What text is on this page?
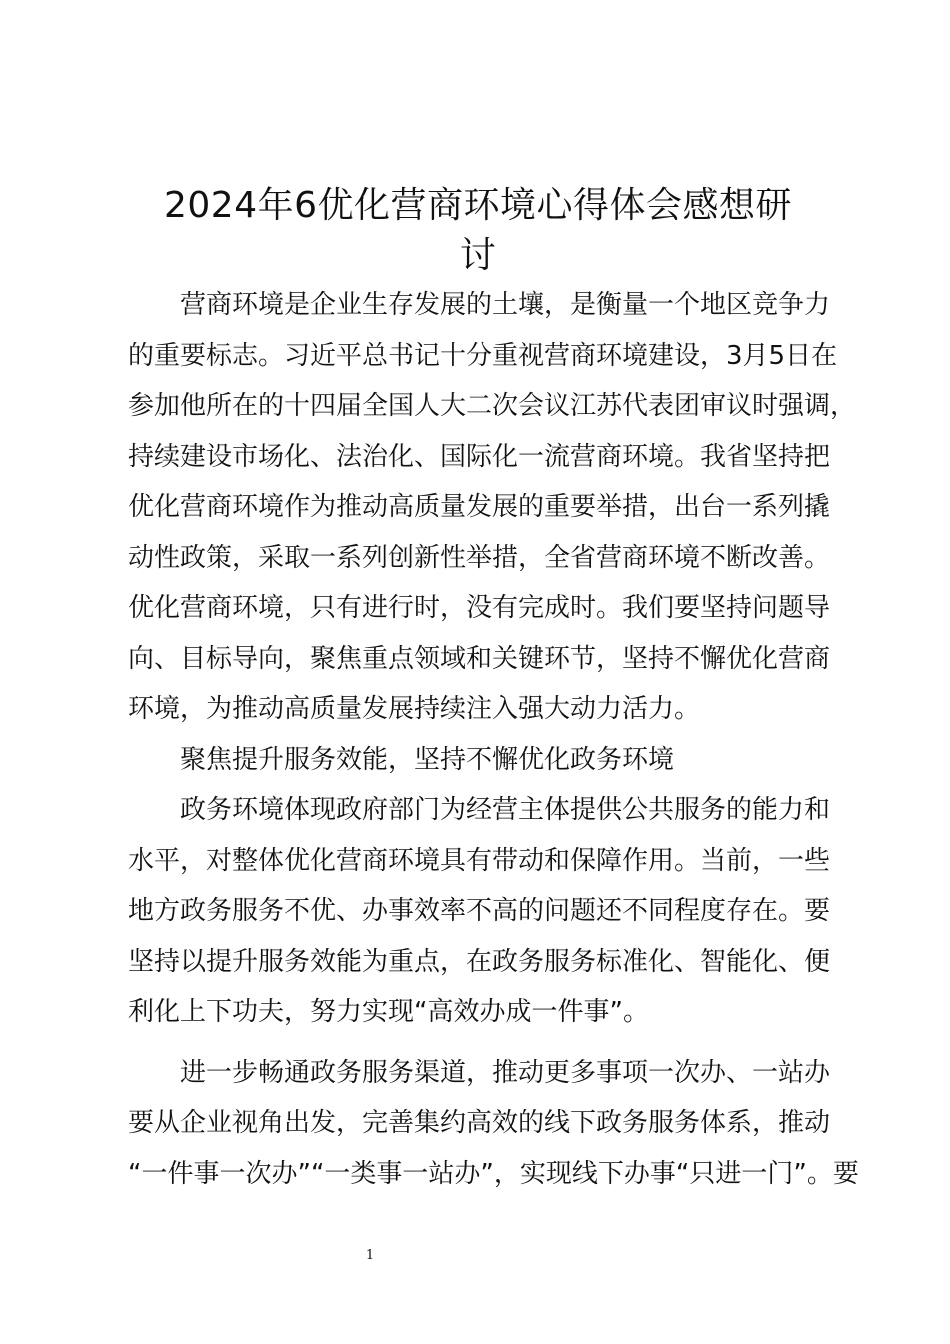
2024年6优化营商环境心得体会感想研
讨
营商环境是企业生存发展的土壤，是衡量一个地区竞争力
的重要标志。习近平总书记十分重视营商环境建设，3月5日在
参加他所在的十四届全国人大二次会议江苏代表团审议时强调，
持续建设市场化、法治化、国际化一流营商环境。我省坚持把
优化营商环境作为推动高质量发展的重要举措，出台一系列撬
动性政策，采取一系列创新性举措，全省营商环境不断改善。
优化营商环境，只有进行时，没有完成时。我们要坚持问题导
向、目标导向，聚焦重点领域和关键环节，坚持不懈优化营商
环境，为推动高质量发展持续注入强大动力活力。
聚焦提升服务效能，坚持不懈优化政务环境
政务环境体现政府部门为经营主体提供公共服务的能力和
水平，对整体优化营商环境具有带动和保障作用。当前，一些
地方政务服务不优、办事效率不高的问题还不同程度存在。要
坚持以提升服务效能为重点，在政务服务标准化、智能化、便
利化上下功夫，努力实现“高效办成一件事”。
进一步畅通政务服务渠道，推动更多事项一次办、一站办
要从企业视角出发，完善集约高效的线下政务服务体系，推动
“一件事一次办”“一类事一站办”，实现线下办事“只进一门”。要
1
